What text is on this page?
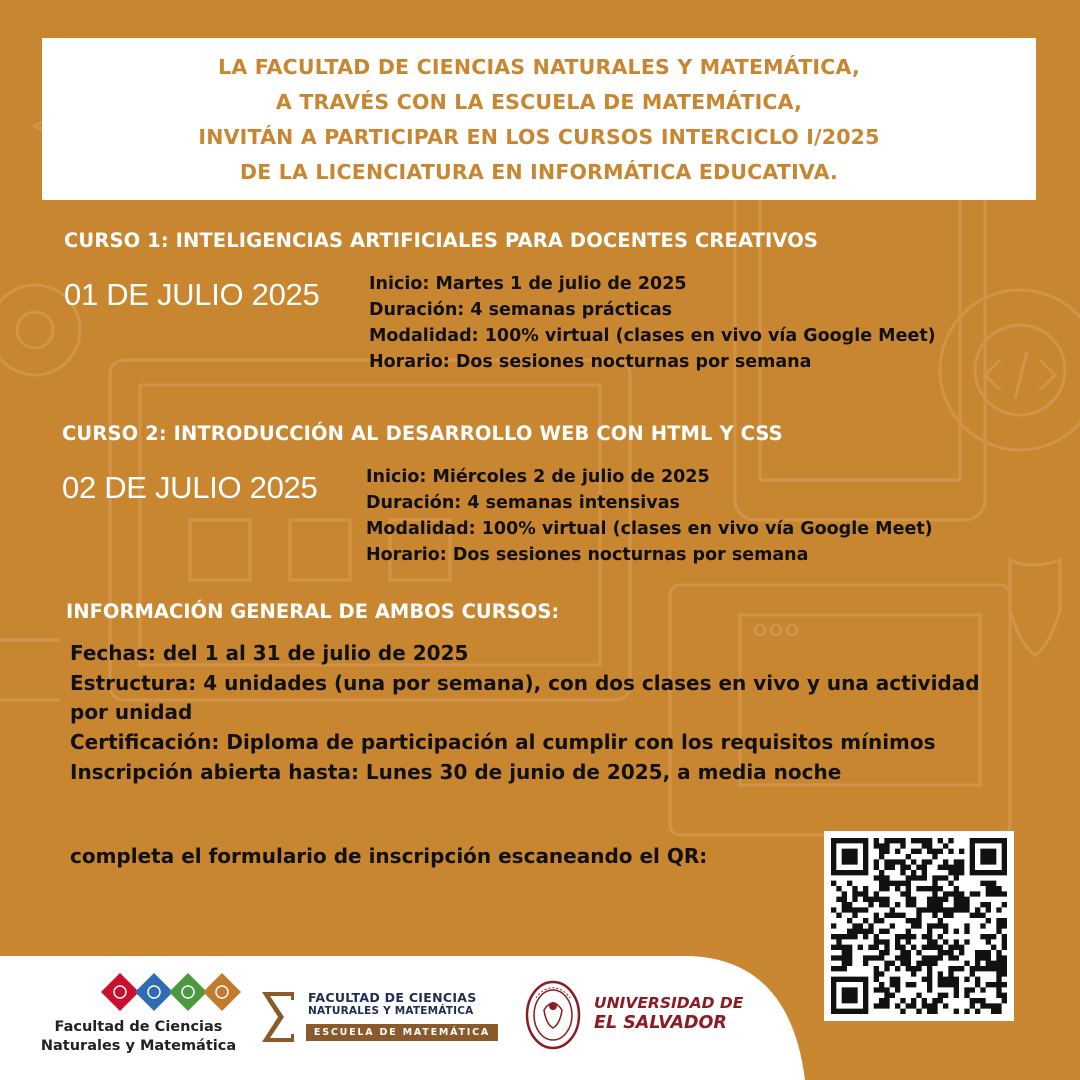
LA FACULTAD DE CIENCIAS NATURALES Y MATEMÁTICA,
A TRAVÉS CON LA ESCUELA DE MATEMÁTICA,
INVITÁN A PARTICIPAR EN LOS CURSOS INTERCICLO I/2025
DE LA LICENCIATURA EN INFORMÁTICA EDUCATIVA.
CURSO 1: INTELIGENCIAS ARTIFICIALES PARA DOCENTES CREATIVOS
01 DE JULIO 2025	Inicio: Martes 1 de julio de 2025
Duración: 4 semanas prácticas
Modalidad: 100% virtual (clases en vivo vía Google Meet)
Horario: Dos sesiones nocturnas por semana
CURSO 2: INTRODUCCIÓN AL DESARROLLO WEB CON HTML Y CSS
02 DE JULIO 2025	Inicio: Miércoles 2 de julio de 2025
Duración: 4 semanas intensivas
Modalidad: 100% virtual (clases en vivo vía Google Meet)
Horario: Dos sesiones nocturnas por semana
INFORMACIÓN GENERAL DE AMBOS CURSOS:
Fechas: del 1 al 31 de julio de 2025
Estructura: 4 unidades (una por semana), con dos clases en vivo y una actividad por unidad
Certificación: Diploma de participación al cumplir con los requisitos mínimos
Inscripción abierta hasta: Lunes 30 de junio de 2025, a media noche
completa el formulario de inscripción escaneando el QR:
Facultad de Ciencias
Naturales y Matemática
FACULTAD DE CIENCIAS
NATURALES Y MATEMÁTICA
ESCUELA DE MATEMÁTICA
UNIVERSIDAD DE
EL SALVADOR
